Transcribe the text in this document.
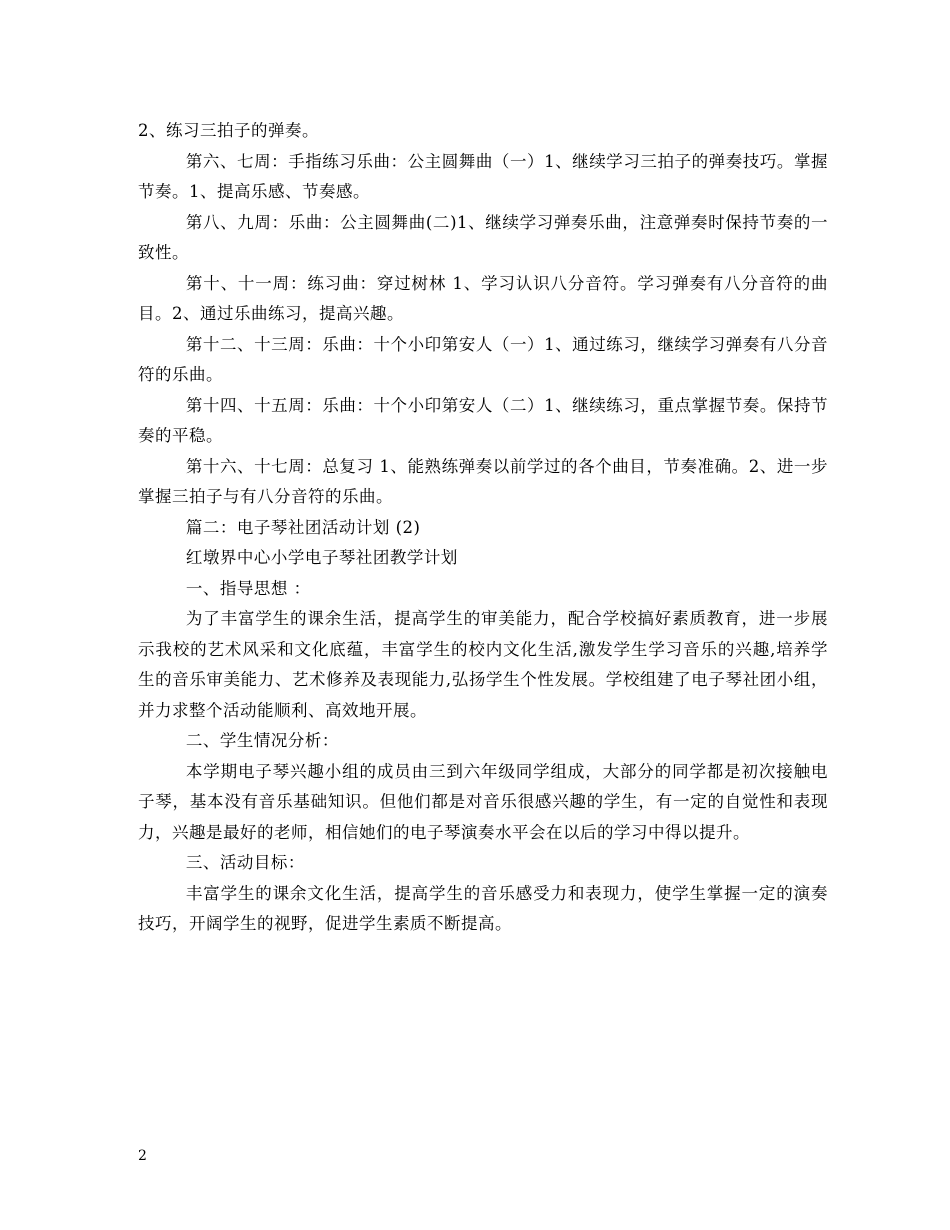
2、练习三拍子的弹奏。

第六、七周：手指练习乐曲：公主圆舞曲（一）1、继续学习三拍子的弹奏技巧。掌握节奏。1、提高乐感、节奏感。

第八、九周：乐曲：公主圆舞曲(二)1、继续学习弹奏乐曲，注意弹奏时保持节奏的一致性。

第十、十一周：练习曲：穿过树林 1、学习认识八分音符。学习弹奏有八分音符的曲目。2、通过乐曲练习，提高兴趣。

第十二、十三周：乐曲：十个小印第安人（一）1、通过练习，继续学习弹奏有八分音符的乐曲。

第十四、十五周：乐曲：十个小印第安人（二）1、继续练习，重点掌握节奏。保持节奏的平稳。

第十六、十七周：总复习 1、能熟练弹奏以前学过的各个曲目，节奏准确。2、进一步掌握三拍子与有八分音符的乐曲。

篇二：电子琴社团活动计划 (2)

红墩界中心小学电子琴社团教学计划

一、指导思想 ：

为了丰富学生的课余生活，提高学生的审美能力，配合学校搞好素质教育，进一步展示我校的艺术风采和文化底蕴，丰富学生的校内文化生活,激发学生学习音乐的兴趣,培养学生的音乐审美能力、艺术修养及表现能力,弘扬学生个性发展。学校组建了电子琴社团小组，并力求整个活动能顺利、高效地开展。

二、学生情况分析：

本学期电子琴兴趣小组的成员由三到六年级同学组成，大部分的同学都是初次接触电子琴，基本没有音乐基础知识。但他们都是对音乐很感兴趣的学生，有一定的自觉性和表现力，兴趣是最好的老师，相信她们的电子琴演奏水平会在以后的学习中得以提升。

三、活动目标：

丰富学生的课余文化生活，提高学生的音乐感受力和表现力，使学生掌握一定的演奏技巧，开阔学生的视野，促进学生素质不断提高。

2
